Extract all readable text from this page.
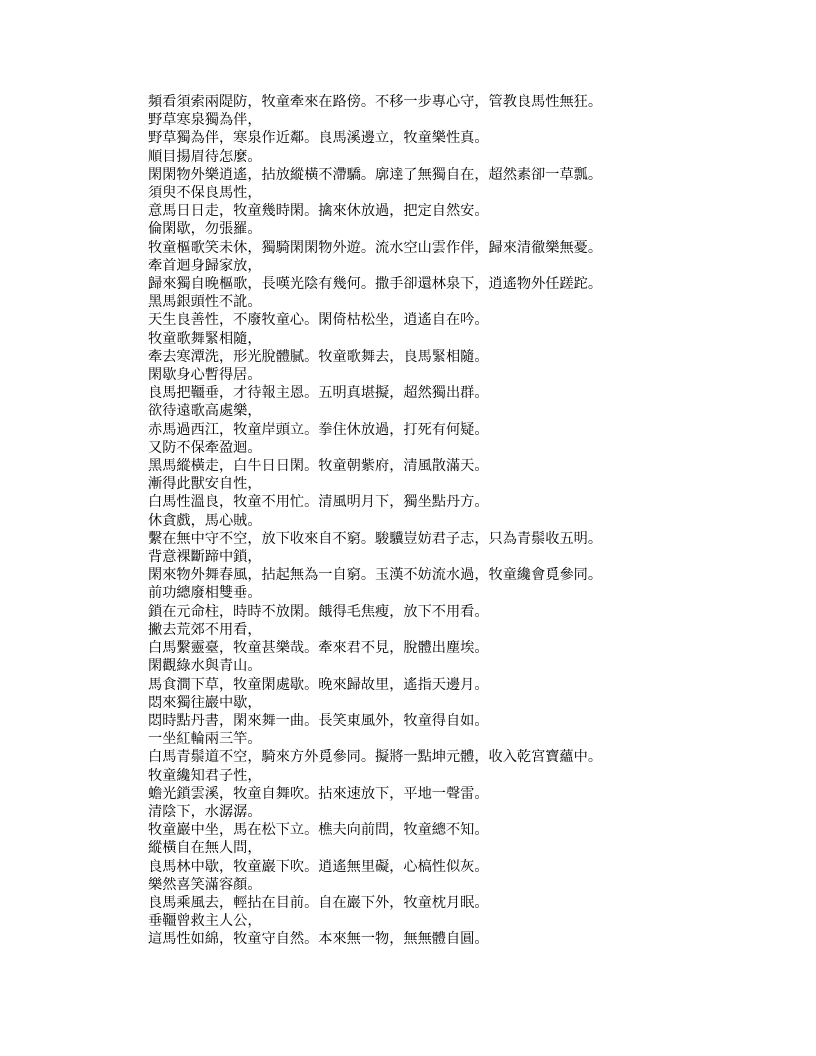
頻看須索兩隄防，牧童牽來在路傍。不移一步專心守，管教良馬性無狂。
野草寒泉獨為伴，
野草獨為伴，寒泉作近鄰。良馬溪邊立，牧童樂性真。
順目揚眉待怎麼。
閑閑物外樂逍遙，拈放縱橫不滯驕。廓達了無獨自在，超然素卻一草瓢。
須臾不保良馬性，
意馬日日走，牧童幾時閑。擒來休放過，把定自然安。
倫閑歇，勿張羅。
牧童樞歌笑未休，獨騎閑閑物外遊。流水空山雲作伴，歸來清徹樂無憂。
牽首迴身歸家放，
歸來獨自晚樞歌，長嘆光陰有幾何。撒手卻還林泉下，逍遙物外任蹉跎。
黑馬銀頭性不訛。
天生良善性，不廢牧童心。閑倚枯松坐，逍遙自在吟。
牧童歌舞緊相隨，
牽去寒潭洗，形光脫體膩。牧童歌舞去，良馬緊相隨。
閑歇身心暫得居。
良馬把韁垂，才待報主恩。五明真堪擬，超然獨出群。
欲待遠歌高處樂，
赤馬過西江，牧童岸頭立。拳住休放過，打死有何疑。
又防不保牽盈迴。
黑馬縱橫走，白牛日日閑。牧童朝紫府，清風散滿天。
漸得此獸安自性，
白馬性溫良，牧童不用忙。清風明月下，獨坐點丹方。
休貪戲，馬心賊。
繫在無中守不空，放下收來自不窮。駿驥豈妨君子志，只為青鬃收五明。
背意裸斷蹄中鎖，
閑來物外舞春風，拈起無為一自窮。玉漢不妨流水過，牧童纔會覓參同。
前功總廢相雙垂。
鎖在元命柱，時時不放閑。餓得毛焦瘦，放下不用看。
撇去荒郊不用看，
白馬繫靈臺，牧童甚樂哉。牽來君不見，脫體出塵埃。
閑觀綠水與青山。
馬食澗下草，牧童閑處歇。晚來歸故里，遙指天邊月。
悶來獨往巖中歇，
悶時點丹書，閑來舞一曲。長笑東風外，牧童得自如。
一坐紅輪兩三竿。
白馬青鬃道不空，騎來方外覓參同。擬將一點坤元體，收入乾宮寶蘊中。
牧童纔知君子性，
蟾光鎖雲溪，牧童自舞吹。拈來速放下，平地一聲雷。
清陰下，水潺潺。
牧童巖中坐，馬在松下立。樵夫向前問，牧童總不知。
縱橫自在無人問，
良馬林中歇，牧童巖下吹。逍遙無里礙，心槁性似灰。
樂然喜笑滿容顏。
良馬乘風去，輕拈在目前。自在巖下外，牧童枕月眠。
垂韁曾救主人公，
這馬性如綿，牧童守自然。本來無一物，無無體自圓。
